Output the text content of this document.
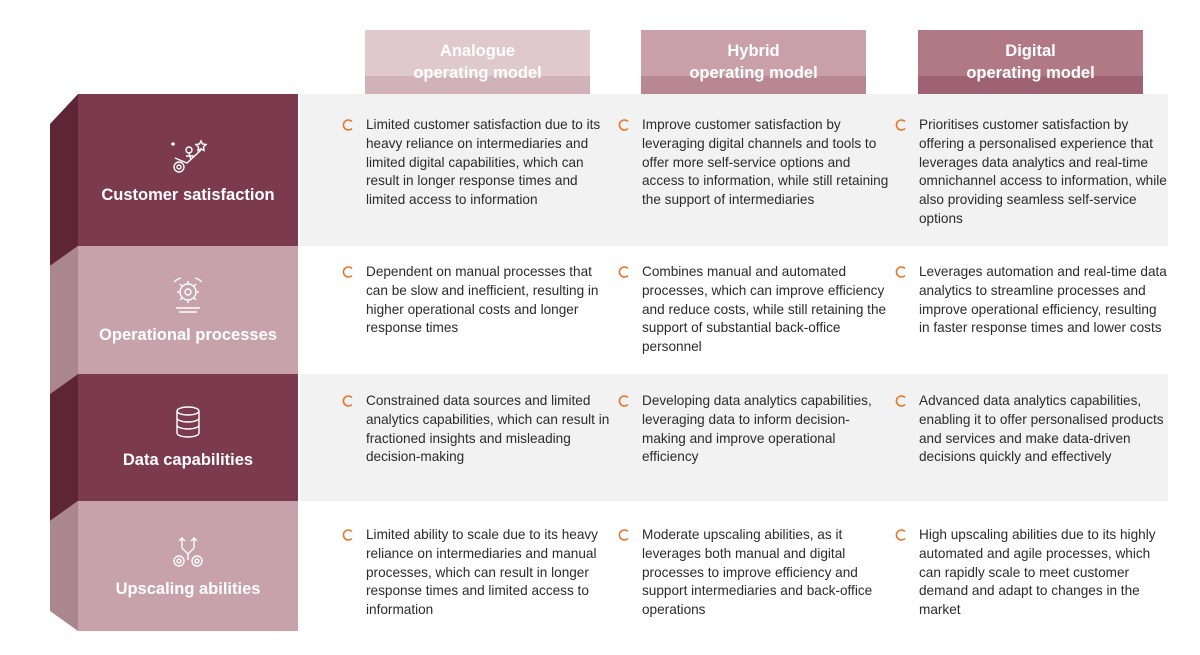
Analogue
operating model
Hybrid
operating model
Digital
operating model
Customer satisfaction
Operational processes
Data capabilities
Upscaling abilities
Limited customer satisfaction due to its heavy reliance on intermediaries and limited digital capabilities, which can result in longer response times and limited access to information
Improve customer satisfaction by leveraging digital channels and tools to offer more self-service options and access to information, while still retaining the support of intermediaries
Prioritises customer satisfaction by offering a personalised experience that leverages data analytics and real-time omnichannel access to information, while also providing seamless self-service options
Dependent on manual processes that can be slow and inefficient, resulting in higher operational costs and longer response times
Combines manual and automated processes, which can improve efficiency and reduce costs, while still retaining the support of substantial back-office personnel
Leverages automation and real-time data analytics to streamline processes and improve operational efficiency, resulting in faster response times and lower costs
Constrained data sources and limited analytics capabilities, which can result in fractioned insights and misleading decision-making
Developing data analytics capabilities, leveraging data to inform decision-making and improve operational efficiency
Advanced data analytics capabilities, enabling it to offer personalised products and services and make data-driven decisions quickly and effectively
Limited ability to scale due to its heavy reliance on intermediaries and manual processes, which can result in longer response times and limited access to information
Moderate upscaling abilities, as it leverages both manual and digital processes to improve efficiency and support intermediaries and back-office operations
High upscaling abilities due to its highly automated and agile processes, which can rapidly scale to meet customer demand and adapt to changes in the market
